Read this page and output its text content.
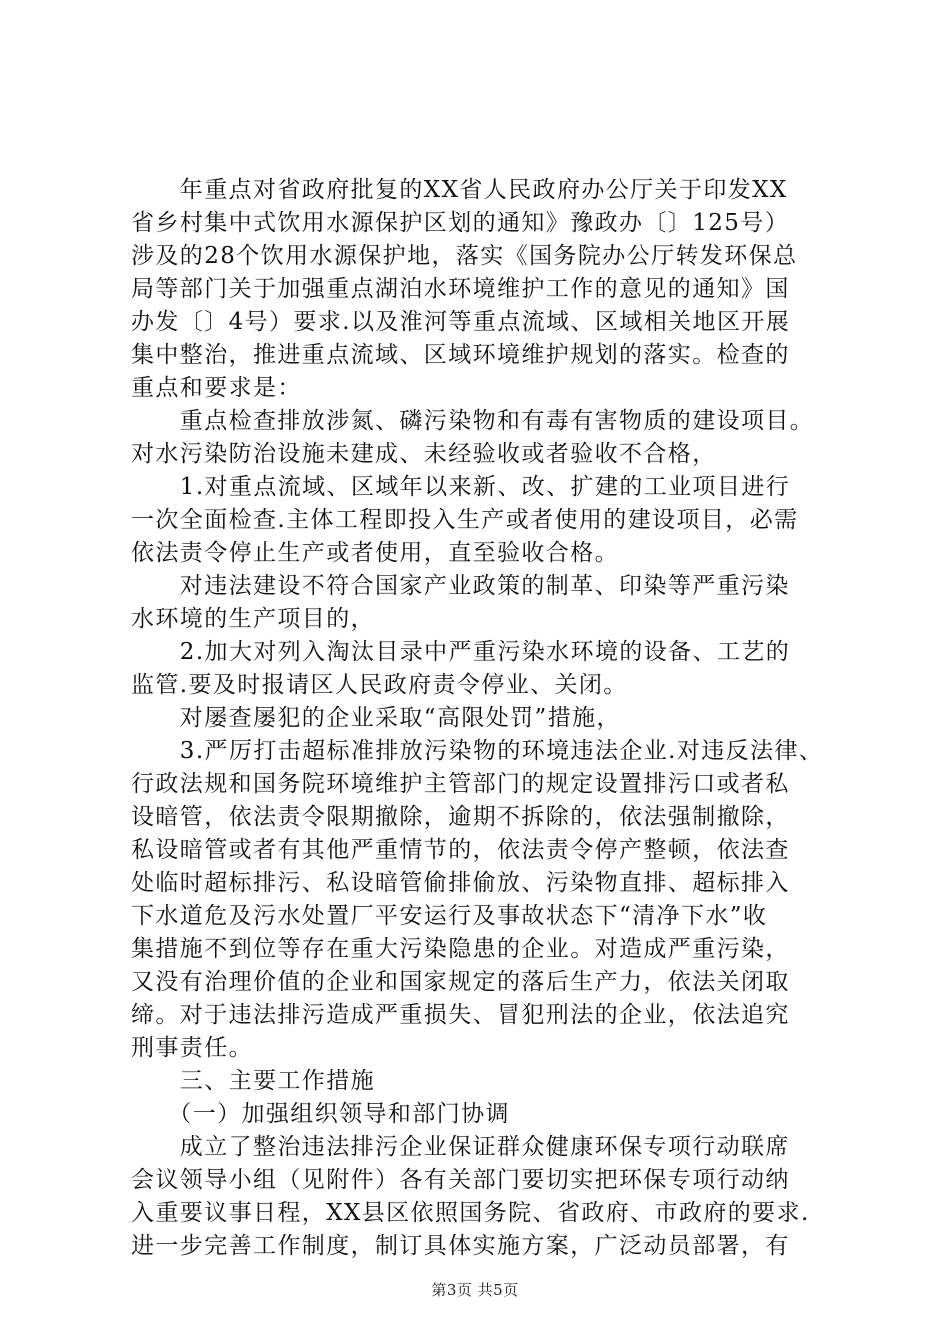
　　年重点对省政府批复的XX省人民政府办公厅关于印发XX
省乡村集中式饮用水源保护区划的通知》豫政办〔〕125号）
涉及的28个饮用水源保护地，落实《国务院办公厅转发环保总
局等部门关于加强重点湖泊水环境维护工作的意见的通知》国
办发〔〕4号）要求.以及淮河等重点流域、区域相关地区开展
集中整治，推进重点流域、区域环境维护规划的落实。检查的
重点和要求是：
　　重点检查排放涉氮、磷污染物和有毒有害物质的建设项目。
对水污染防治设施未建成、未经验收或者验收不合格，
　　1.对重点流域、区域年以来新、改、扩建的工业项目进行
一次全面检查.主体工程即投入生产或者使用的建设项目，必需
依法责令停止生产或者使用，直至验收合格。
　　对违法建设不符合国家产业政策的制革、印染等严重污染
水环境的生产项目的，
　　2.加大对列入淘汰目录中严重污染水环境的设备、工艺的
监管.要及时报请区人民政府责令停业、关闭。
　　对屡查屡犯的企业采取“高限处罚”措施，
　　3.严厉打击超标准排放污染物的环境违法企业.对违反法律、
行政法规和国务院环境维护主管部门的规定设置排污口或者私
设暗管，依法责令限期撤除，逾期不拆除的，依法强制撤除，
私设暗管或者有其他严重情节的，依法责令停产整顿，依法查
处临时超标排污、私设暗管偷排偷放、污染物直排、超标排入
下水道危及污水处置厂平安运行及事故状态下“清净下水”收
集措施不到位等存在重大污染隐患的企业。对造成严重污染，
又没有治理价值的企业和国家规定的落后生产力，依法关闭取
缔。对于违法排污造成严重损失、冒犯刑法的企业，依法追究
刑事责任。
　　三、主要工作措施
　　（一）加强组织领导和部门协调
　　成立了整治违法排污企业保证群众健康环保专项行动联席
会议领导小组（见附件）各有关部门要切实把环保专项行动纳
入重要议事日程，XX县区依照国务院、省政府、市政府的要求.
进一步完善工作制度，制订具体实施方案，广泛动员部署，有
第3页 共5页
